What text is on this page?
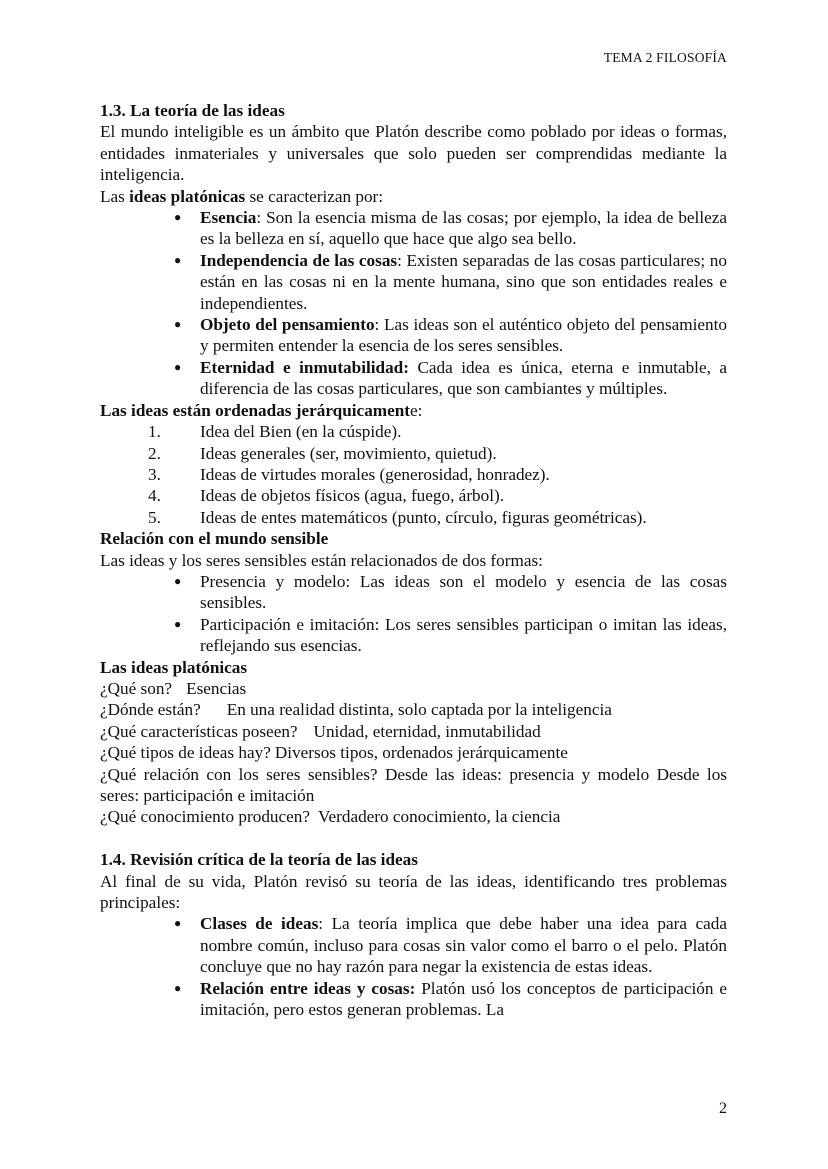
TEMA 2 FILOSOFÍA

1.3. La teoría de las ideas

El mundo inteligible es un ámbito que Platón describe como poblado por ideas o formas, entidades inmateriales y universales que solo pueden ser comprendidas mediante la inteligencia.

Las ideas platónicas se caracterizan por:

● Esencia: Son la esencia misma de las cosas; por ejemplo, la idea de belleza es la belleza en sí, aquello que hace que algo sea bello.
● Independencia de las cosas: Existen separadas de las cosas particulares; no están en las cosas ni en la mente humana, sino que son entidades reales e independientes.
● Objeto del pensamiento: Las ideas son el auténtico objeto del pensamiento y permiten entender la esencia de los seres sensibles.
● Eternidad e inmutabilidad: Cada idea es única, eterna e inmutable, a diferencia de las cosas particulares, que son cambiantes y múltiples.

Las ideas están ordenadas jerárquicamente:

1. Idea del Bien (en la cúspide).
2. Ideas generales (ser, movimiento, quietud).
3. Ideas de virtudes morales (generosidad, honradez).
4. Ideas de objetos físicos (agua, fuego, árbol).
5. Ideas de entes matemáticos (punto, círculo, figuras geométricas).

Relación con el mundo sensible

Las ideas y los seres sensibles están relacionados de dos formas:

● Presencia y modelo: Las ideas son el modelo y esencia de las cosas sensibles.
● Participación e imitación: Los seres sensibles participan o imitan las ideas, reflejando sus esencias.

Las ideas platónicas

¿Qué son? Esencias

¿Dónde están? En una realidad distinta, solo captada por la inteligencia

¿Qué características poseen? Unidad, eternidad, inmutabilidad

¿Qué tipos de ideas hay? Diversos tipos, ordenados jerárquicamente

¿Qué relación con los seres sensibles? Desde las ideas: presencia y modelo Desde los seres: participación e imitación

¿Qué conocimiento producen? Verdadero conocimiento, la ciencia

1.4. Revisión crítica de la teoría de las ideas

Al final de su vida, Platón revisó su teoría de las ideas, identificando tres problemas principales:

● Clases de ideas: La teoría implica que debe haber una idea para cada nombre común, incluso para cosas sin valor como el barro o el pelo. Platón concluye que no hay razón para negar la existencia de estas ideas.
● Relación entre ideas y cosas: Platón usó los conceptos de participación e imitación, pero estos generan problemas. La
2
